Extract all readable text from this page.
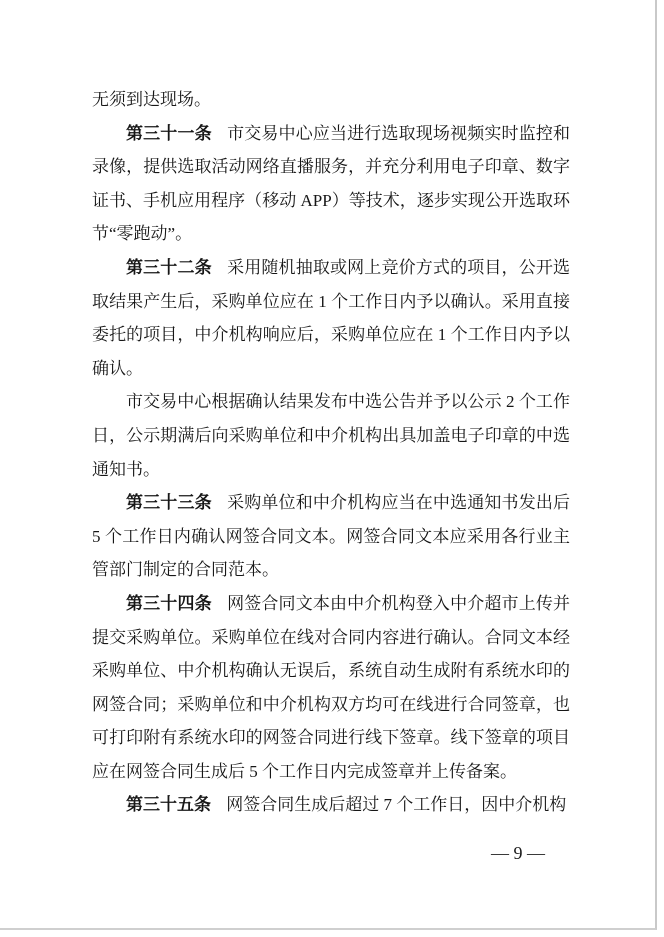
无须到达现场。

第三十一条 市交易中心应当进行选取现场视频实时监控和录像，提供选取活动网络直播服务，并充分利用电子印章、数字证书、手机应用程序（移动 APP）等技术，逐步实现公开选取环节“零跑动”。

第三十二条 采用随机抽取或网上竞价方式的项目，公开选取结果产生后，采购单位应在 1 个工作日内予以确认。采用直接委托的项目，中介机构响应后，采购单位应在 1 个工作日内予以确认。

市交易中心根据确认结果发布中选公告并予以公示 2 个工作日，公示期满后向采购单位和中介机构出具加盖电子印章的中选通知书。

第三十三条 采购单位和中介机构应当在中选通知书发出后 5 个工作日内确认网签合同文本。网签合同文本应采用各行业主管部门制定的合同范本。

第三十四条 网签合同文本由中介机构登入中介超市上传并提交采购单位。采购单位在线对合同内容进行确认。合同文本经采购单位、中介机构确认无误后，系统自动生成附有系统水印的网签合同；采购单位和中介机构双方均可在线进行合同签章，也可打印附有系统水印的网签合同进行线下签章。线下签章的项目应在网签合同生成后 5 个工作日内完成签章并上传备案。

第三十五条 网签合同生成后超过 7 个工作日，因中介机构

— 9 —
